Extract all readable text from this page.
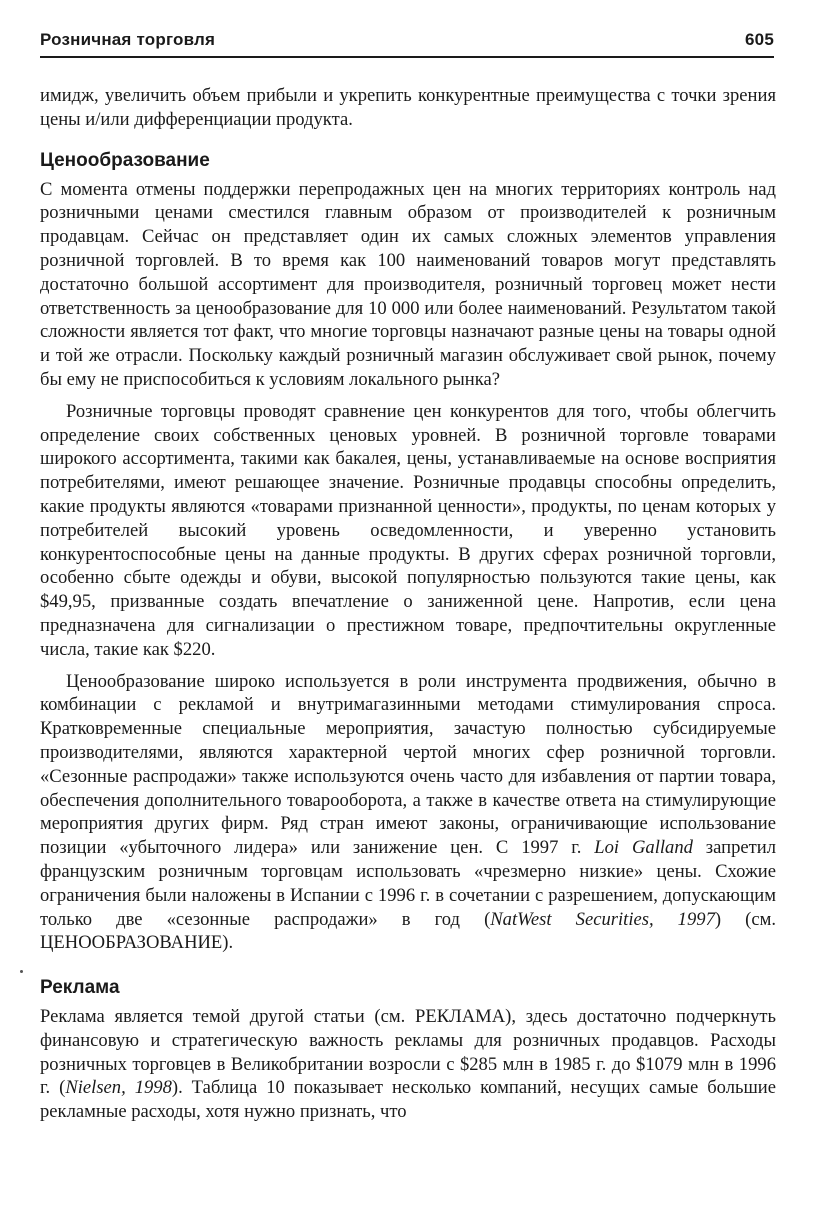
Розничная торговля	605

имидж, увеличить объем прибыли и укрепить конкурентные преимущества с точки зрения цены и/или дифференциации продукта.

Ценообразование

С момента отмены поддержки перепродажных цен на многих территориях контроль над розничными ценами сместился главным образом от производителей к розничным продавцам. Сейчас он представляет один их самых сложных элементов управления розничной торговлей. В то время как 100 наименований товаров могут представлять достаточно большой ассортимент для производителя, розничный торговец может нести ответственность за ценообразование для 10 000 или более наименований. Результатом такой сложности является тот факт, что многие торговцы назначают разные цены на товары одной и той же отрасли. Поскольку каждый розничный магазин обслуживает свой рынок, почему бы ему не приспособиться к условиям локального рынка?

Розничные торговцы проводят сравнение цен конкурентов для того, чтобы облегчить определение своих собственных ценовых уровней. В розничной торговле товарами широкого ассортимента, такими как бакалея, цены, устанавливаемые на основе восприятия потребителями, имеют решающее значение. Розничные продавцы способны определить, какие продукты являются «товарами признанной ценности», продукты, по ценам которых у потребителей высокий уровень осведомленности, и уверенно установить конкурентоспособные цены на данные продукты. В других сферах розничной торговли, особенно сбыте одежды и обуви, высокой популярностью пользуются такие цены, как $49,95, призванные создать впечатление о заниженной цене. Напротив, если цена предназначена для сигнализации о престижном товаре, предпочтительны округленные числа, такие как $220.

Ценообразование широко используется в роли инструмента продвижения, обычно в комбинации с рекламой и внутримагазинными методами стимулирования спроса. Кратковременные специальные мероприятия, зачастую полностью субсидируемые производителями, являются характерной чертой многих сфер розничной торговли. «Сезонные распродажи» также используются очень часто для избавления от партии товара, обеспечения дополнительного товарооборота, а также в качестве ответа на стимулирующие мероприятия других фирм. Ряд стран имеют законы, ограничивающие использование позиции «убыточного лидера» или занижение цен. С 1997 г. Loi Galland запретил французским розничным торговцам использовать «чрезмерно низкие» цены. Схожие ограничения были наложены в Испании с 1996 г. в сочетании с разрешением, допускающим только две «сезонные распродажи» в год (NatWest Securities, 1997) (см. ЦЕНООБРАЗОВАНИЕ).

Реклама

Реклама является темой другой статьи (см. РЕКЛАМА), здесь достаточно подчеркнуть финансовую и стратегическую важность рекламы для розничных продавцов. Расходы розничных торговцев в Великобритании возросли с $285 млн в 1985 г. до $1079 млн в 1996 г. (Nielsen, 1998). Таблица 10 показывает несколько компаний, несущих самые большие рекламные расходы, хотя нужно признать, что
